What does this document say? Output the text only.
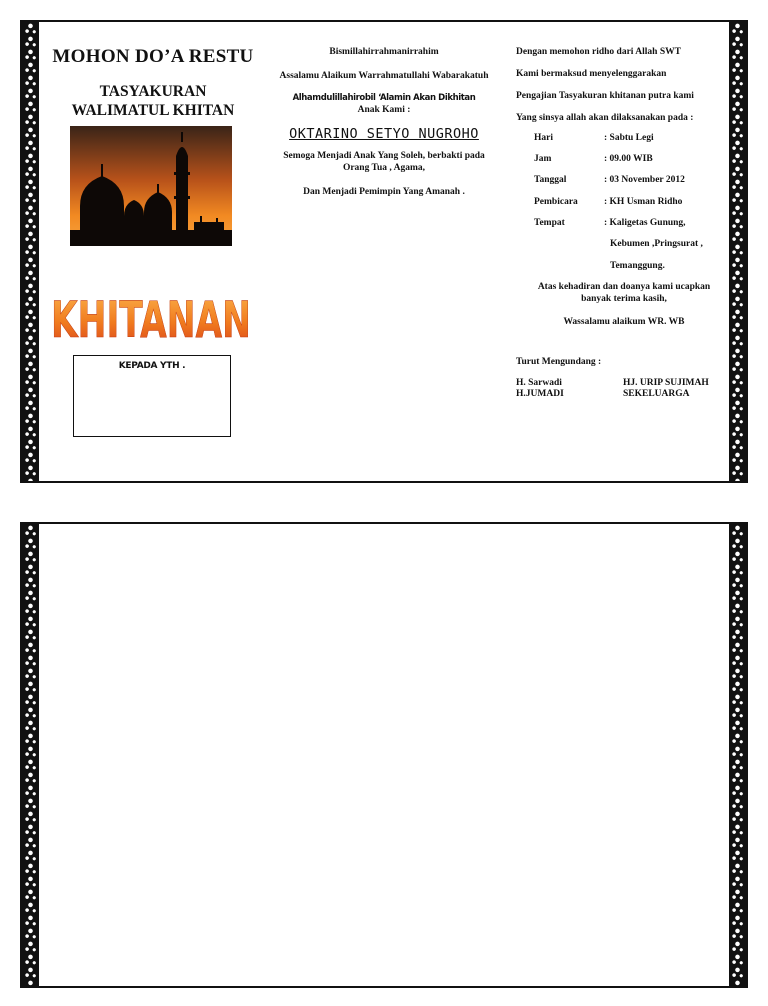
MOHON DO’A RESTU
TASYAKURAN WALIMATUL KHITAN
KHITANAN
KEPADA YTH .

Bismillahirrahmanirrahim

Assalamu Alaikum Warrahmatullahi Wabarakatuh

Alhamdulillahirobil ‘Alamin Akan Dikhitan

Anak Kami :

OKTARINO SETYO NUGROHO

Semoga Menjadi Anak Yang Soleh, berbakti pada Orang Tua , Agama,

Dan Menjadi Pemimpin Yang Amanah .

Dengan memohon ridho dari Allah SWT

Kami bermaksud menyelenggarakan

Pengajian Tasyakuran khitanan putra kami

Yang sinsya allah akan dilaksanakan pada :

Hari	: Sabtu Legi
Jam	: 09.00 WIB
Tanggal	: 03 November 2012
Pembicara	: KH Usman Ridho
Tempat	: Kaligetas Gunung,
Kebumen ,Pringsurat ,
Temanggung.

Atas kehadiran dan doanya kami ucapkan banyak terima kasih,

Wassalamu alaikum WR. WB

Turut Mengundang :

H. Sarwadi

H.JUMADI

HJ. URIP SUJIMAH

SEKELUARGA
